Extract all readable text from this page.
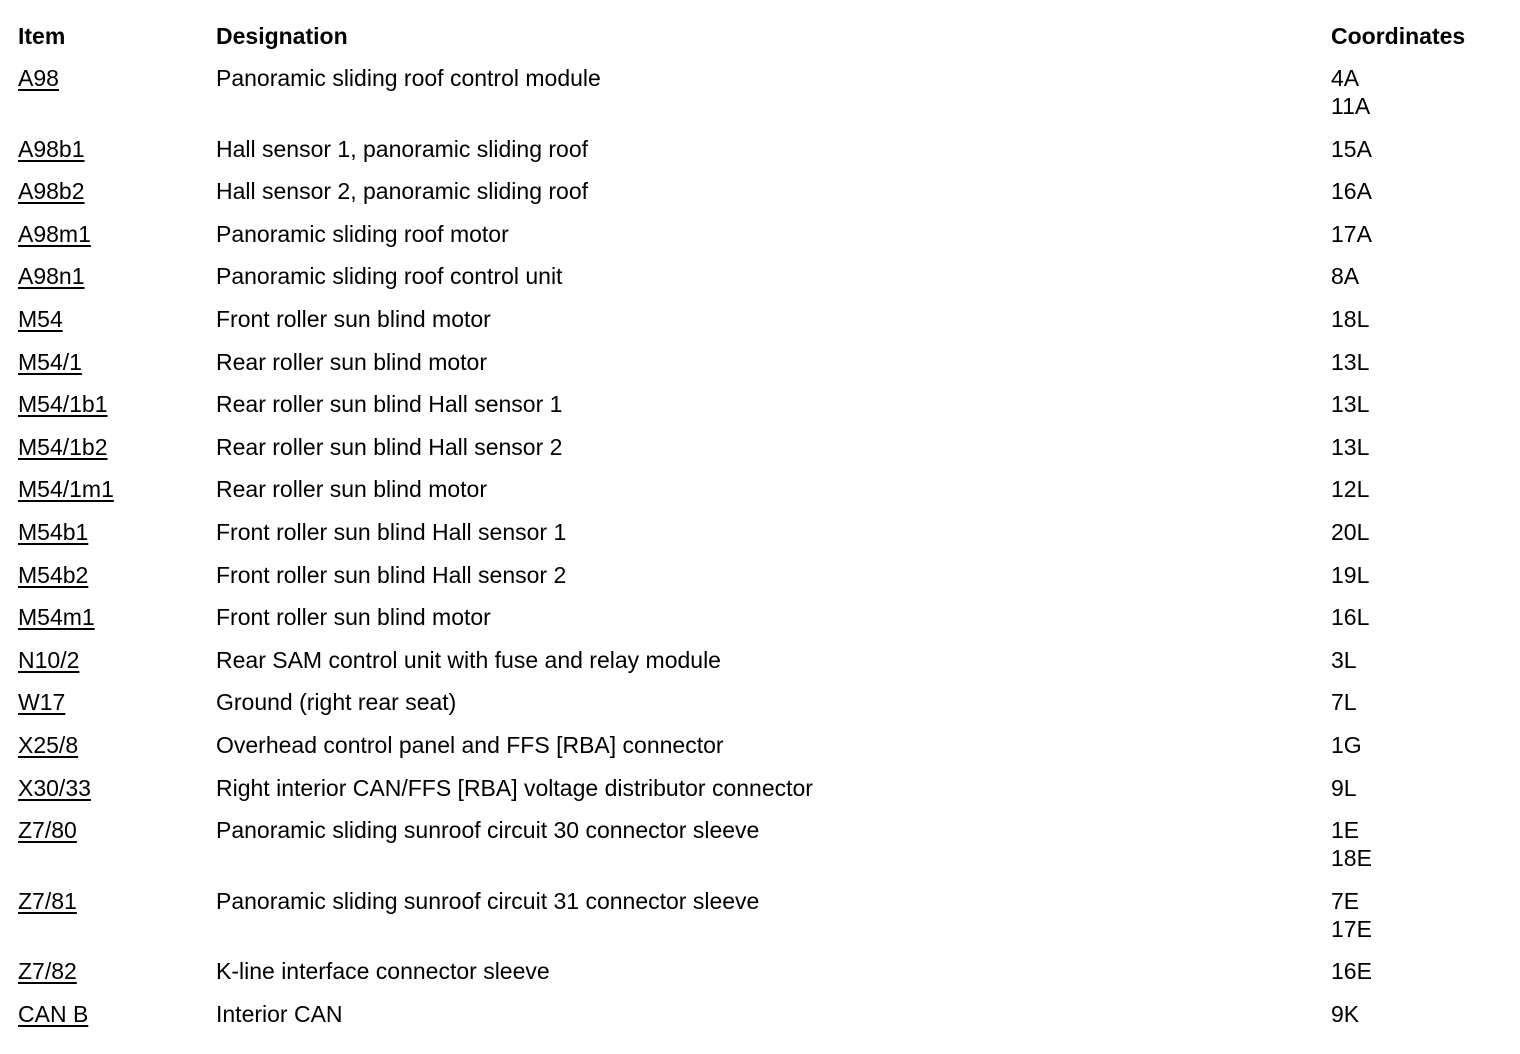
Item	Designation	Coordinates
A98	Panoramic sliding roof control module	4A
11A
A98b1	Hall sensor 1, panoramic sliding roof	15A
A98b2	Hall sensor 2, panoramic sliding roof	16A
A98m1	Panoramic sliding roof motor	17A
A98n1	Panoramic sliding roof control unit	8A
M54	Front roller sun blind motor	18L
M54/1	Rear roller sun blind motor	13L
M54/1b1	Rear roller sun blind Hall sensor 1	13L
M54/1b2	Rear roller sun blind Hall sensor 2	13L
M54/1m1	Rear roller sun blind motor	12L
M54b1	Front roller sun blind Hall sensor 1	20L
M54b2	Front roller sun blind Hall sensor 2	19L
M54m1	Front roller sun blind motor	16L
N10/2	Rear SAM control unit with fuse and relay module	3L
W17	Ground (right rear seat)	7L
X25/8	Overhead control panel and FFS [RBA] connector	1G
X30/33	Right interior CAN/FFS [RBA] voltage distributor connector	9L
Z7/80	Panoramic sliding sunroof circuit 30 connector sleeve	1E
18E
Z7/81	Panoramic sliding sunroof circuit 31 connector sleeve	7E
17E
Z7/82	K-line interface connector sleeve	16E
CAN B	Interior CAN	9K
